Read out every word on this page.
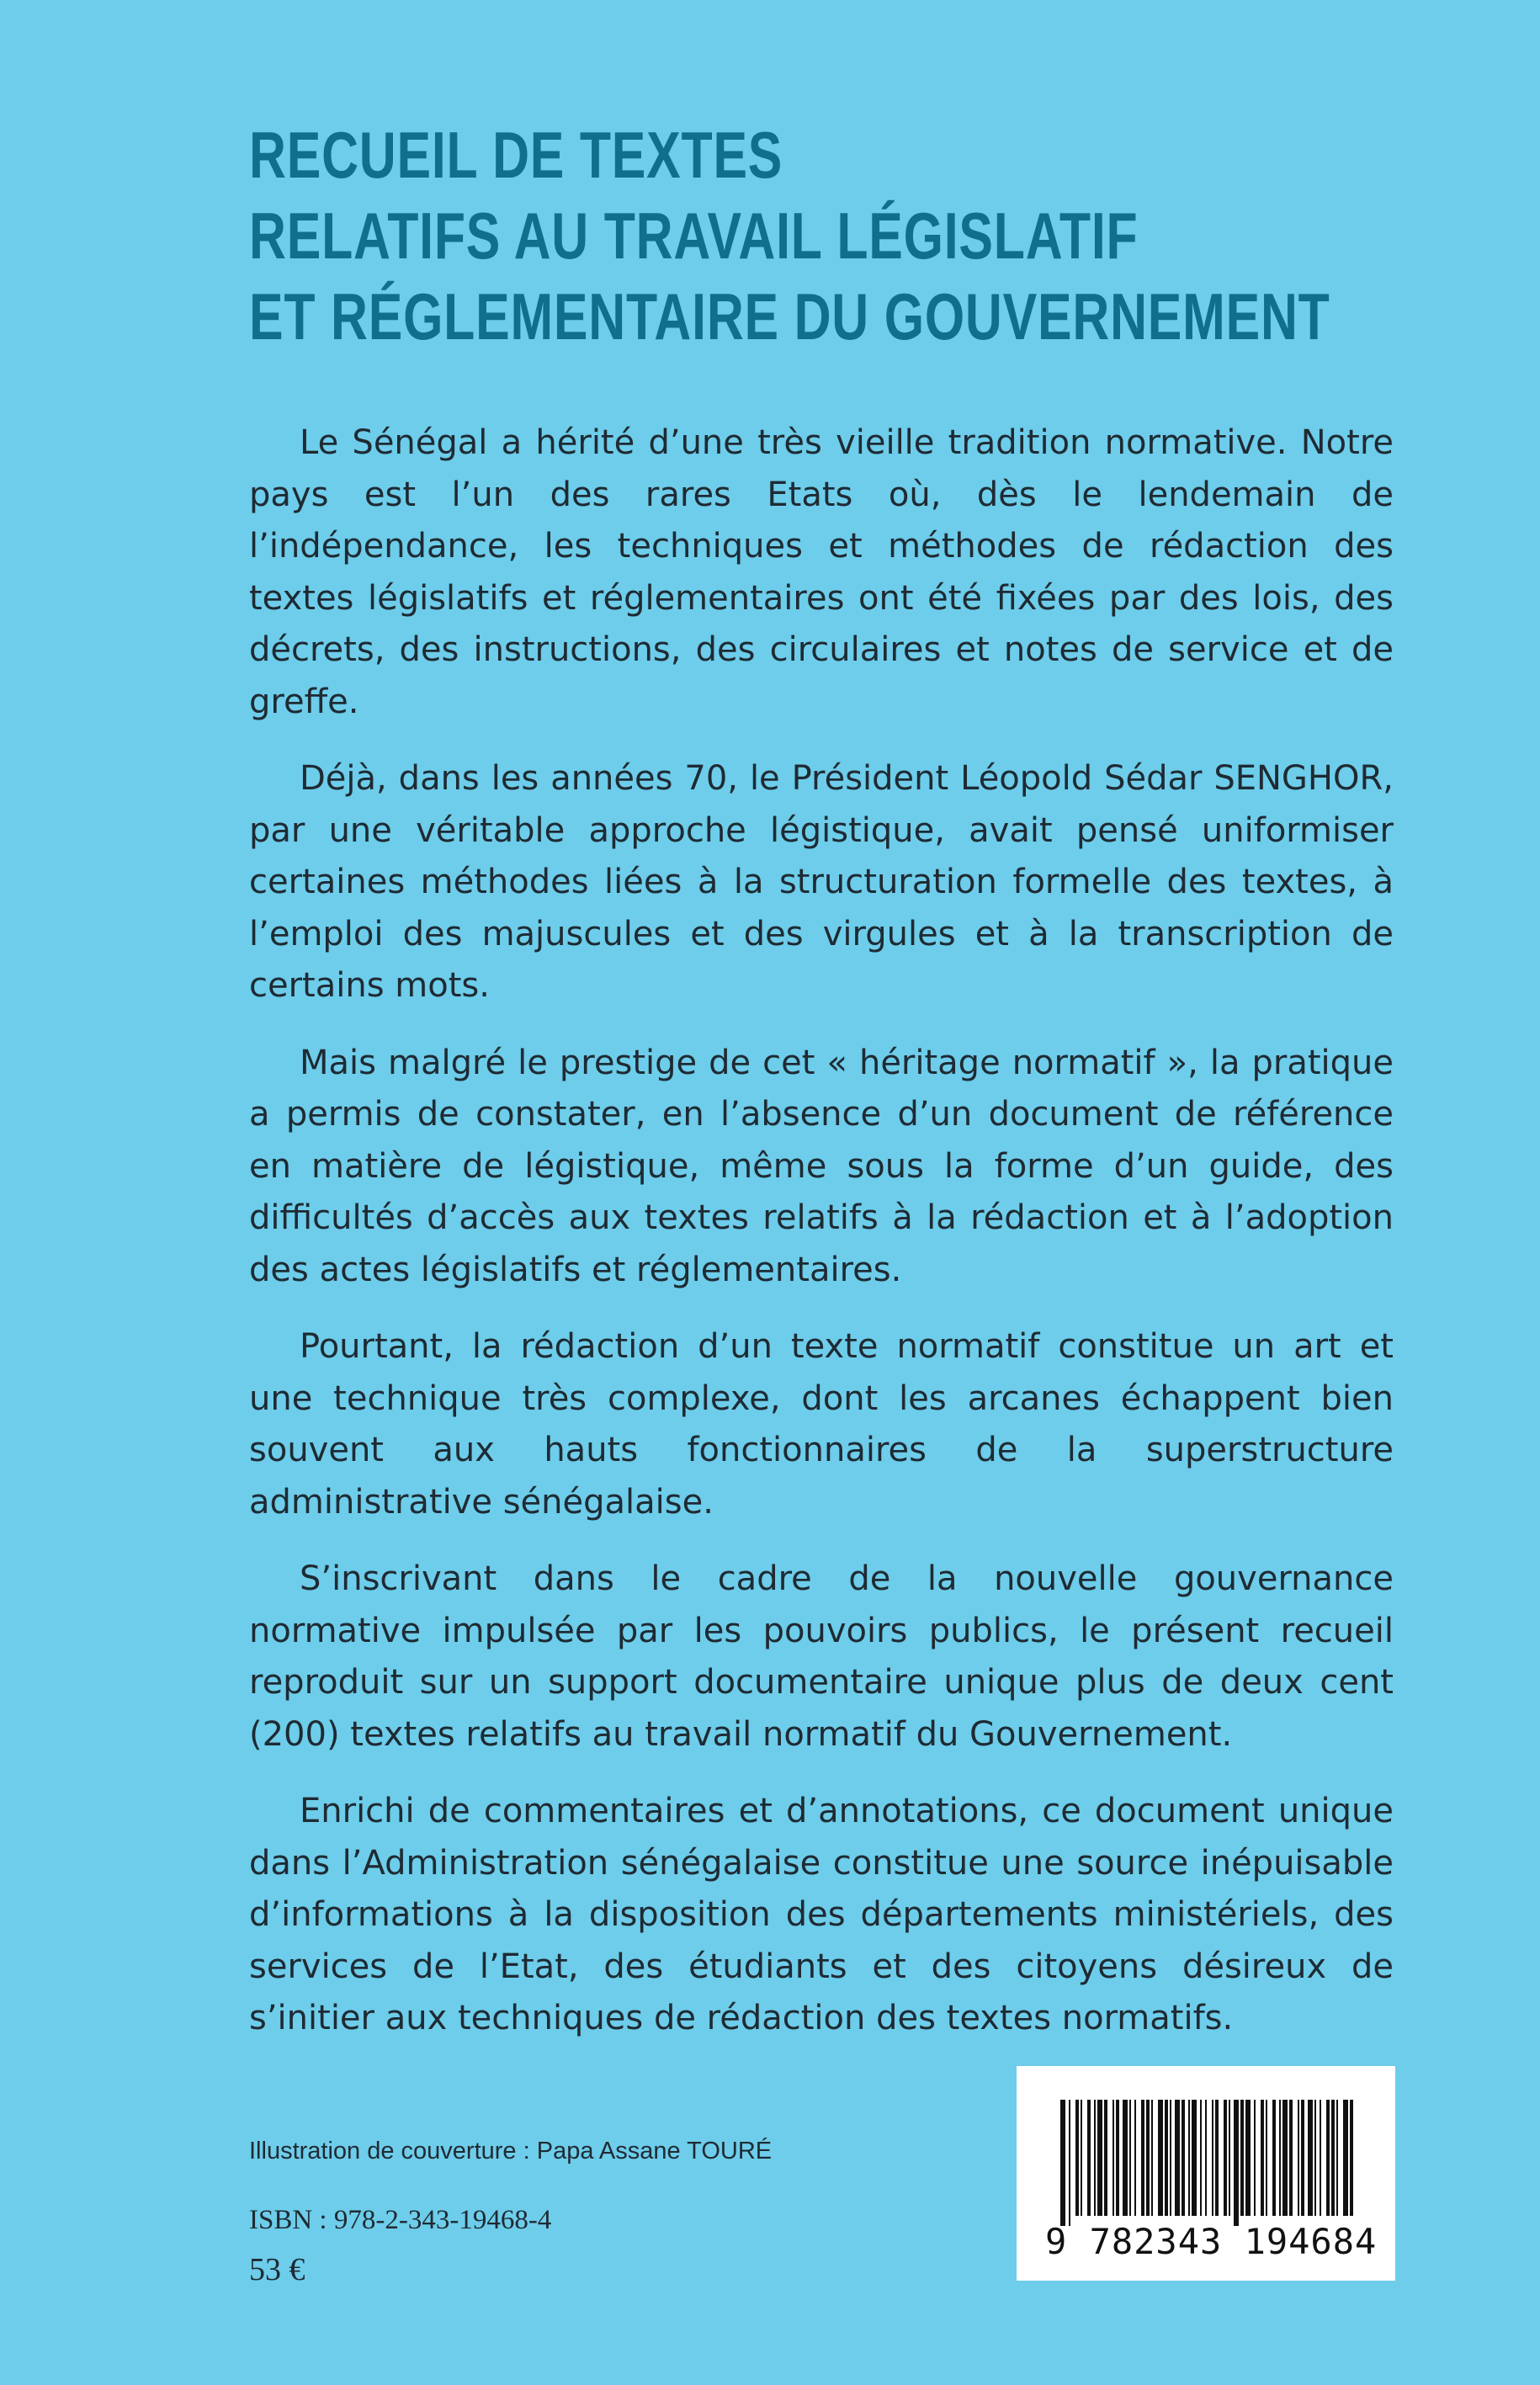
RECUEIL DE TEXTES
RELATIFS AU TRAVAIL LÉGISLATIF
ET RÉGLEMENTAIRE DU GOUVERNEMENT

Le Sénégal a hérité d’une très vieille tradition normative. Notre pays est l’un des rares Etats où, dès le lendemain de l’indépendance, les techniques et méthodes de rédaction des textes législatifs et réglementaires ont été fixées par des lois, des décrets, des instructions, des circulaires et notes de service et de greffe.

Déjà, dans les années 70, le Président Léopold Sédar SENGHOR, par une véritable approche légistique, avait pensé uniformiser certaines méthodes liées à la structuration formelle des textes, à l’emploi des majuscules et des virgules et à la transcription de certains mots.

Mais malgré le prestige de cet « héritage normatif », la pratique a permis de constater, en l’absence d’un document de référence en matière de légistique, même sous la forme d’un guide, des difficultés d’accès aux textes relatifs à la rédaction et à l’adoption des actes législatifs et réglementaires.

Pourtant, la rédaction d’un texte normatif constitue un art et une technique très complexe, dont les arcanes échappent bien souvent aux hauts fonctionnaires de la superstructure administrative sénégalaise.

S’inscrivant dans le cadre de la nouvelle gouvernance normative impulsée par les pouvoirs publics, le présent recueil reproduit sur un support documentaire unique plus de deux cent (200) textes relatifs au travail normatif du Gouvernement.

Enrichi de commentaires et d’annotations, ce document unique dans l’Administration sénégalaise constitue une source inépuisable d’informations à la disposition des départements ministériels, des services de l’Etat, des étudiants et des citoyens désireux de s’initier aux techniques de rédaction des textes normatifs.

Illustration de couverture : Papa Assane TOURÉ
ISBN : 978-2-343-19468-4
53 €
9 782343 194684
